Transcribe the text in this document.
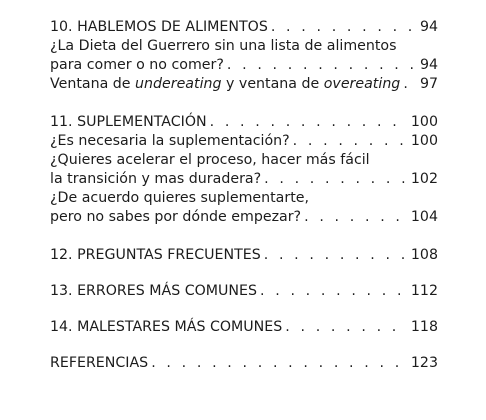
10. HABLEMOS DE ALIMENTOS . . .	94
¿La Dieta del Guerrero sin una lista de alimentos
para comer o no comer? . . .	94
Ventana de undereating y ventana de overeating . . . 97
11. SUPLEMENTACIÓN . . .	100
¿Es necesaria la suplementación? . . .	100
¿Quieres acelerar el proceso, hacer más fácil
la transición y mas duradera? . . .	102
¿De acuerdo quieres suplementarte,
pero no sabes por dónde empezar? . . .	104
12. PREGUNTAS FRECUENTES . . .	108
13. ERRORES MÁS COMUNES . . .	112
14. MALESTARES MÁS COMUNES . . .	118
REFERENCIAS . . .	123
